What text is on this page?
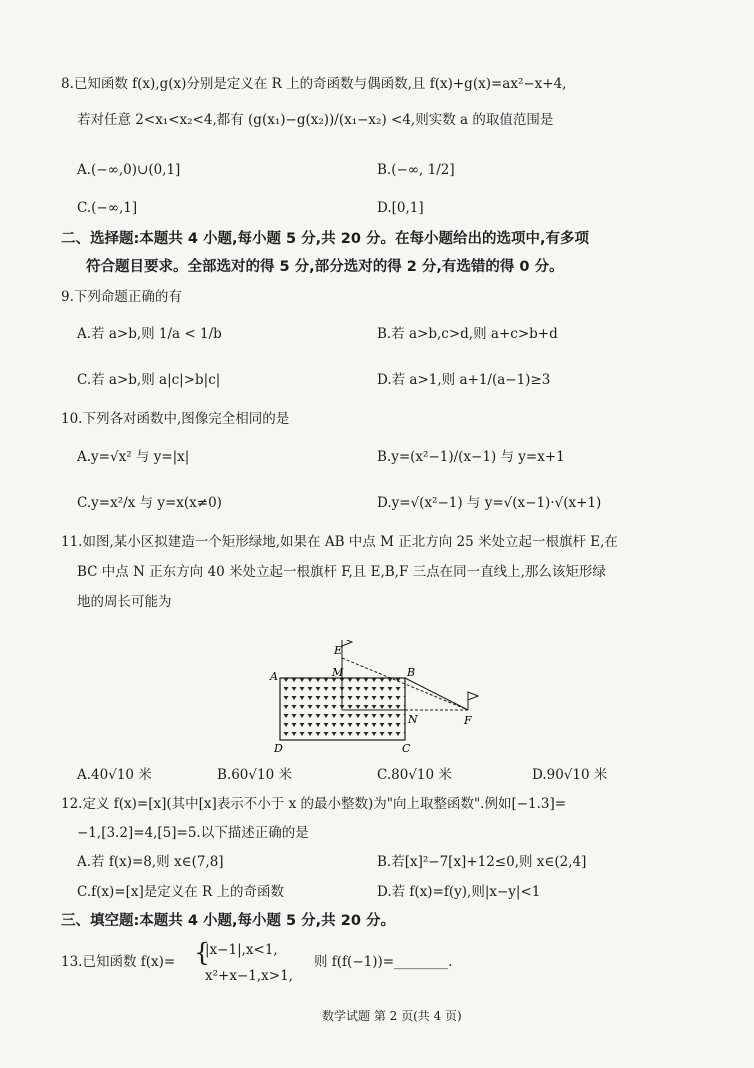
8.已知函数 f(x),g(x)分别是定义在 R 上的奇函数与偶函数,且 f(x)+g(x)=ax²−x+4,
若对任意 2<x₁<x₂<4,都有 (g(x₁)−g(x₂))/(x₁−x₂) <4,则实数 a 的取值范围是
A.(−∞,0)∪(0,1]	B.(−∞, 1/2]
C.(−∞,1]	D.[0,1]
二、选择题:本题共 4 小题,每小题 5 分,共 20 分。在每小题给出的选项中,有多项
符合题目要求。全部选对的得 5 分,部分选对的得 2 分,有选错的得 0 分。
9.下列命题正确的有
A.若 a>b,则 1/a < 1/b	B.若 a>b,c>d,则 a+c>b+d
C.若 a>b,则 a|c|>b|c|	D.若 a>1,则 a+1/(a−1)≥3
10.下列各对函数中,图像完全相同的是
A.y=√x² 与 y=|x|	B.y=(x²−1)/(x−1) 与 y=x+1
C.y=x²/x 与 y=x(x≠0)	D.y=√(x²−1) 与 y=√(x−1)·√(x+1)
11.如图,某小区拟建造一个矩形绿地,如果在 AB 中点 M 正北方向 25 米处立起一根旗杆 E,在
BC 中点 N 正东方向 40 米处立起一根旗杆 F,且 E,B,F 三点在同一直线上,那么该矩形绿
地的周长可能为
E
M	B
A
N	F
D	C
A.40√10 米	B.60√10 米	C.80√10 米	D.90√10 米
12.定义 f(x)=[x](其中[x]表示不小于 x 的最小整数)为"向上取整函数".例如[−1.3]=
−1,[3.2]=4,[5]=5.以下描述正确的是
A.若 f(x)=8,则 x∈(7,8]	B.若[x]²−7[x]+12≤0,则 x∈(2,4]
C.f(x)=[x]是定义在 R 上的奇函数	D.若 f(x)=f(y),则|x−y|<1
三、填空题:本题共 4 小题,每小题 5 分,共 20 分。
13.已知函数 f(x)= {
|x−1|,x<1,
x²+x−1,x>1,
则 f(f(−1))=________.
数学试题 第 2 页(共 4 页)
